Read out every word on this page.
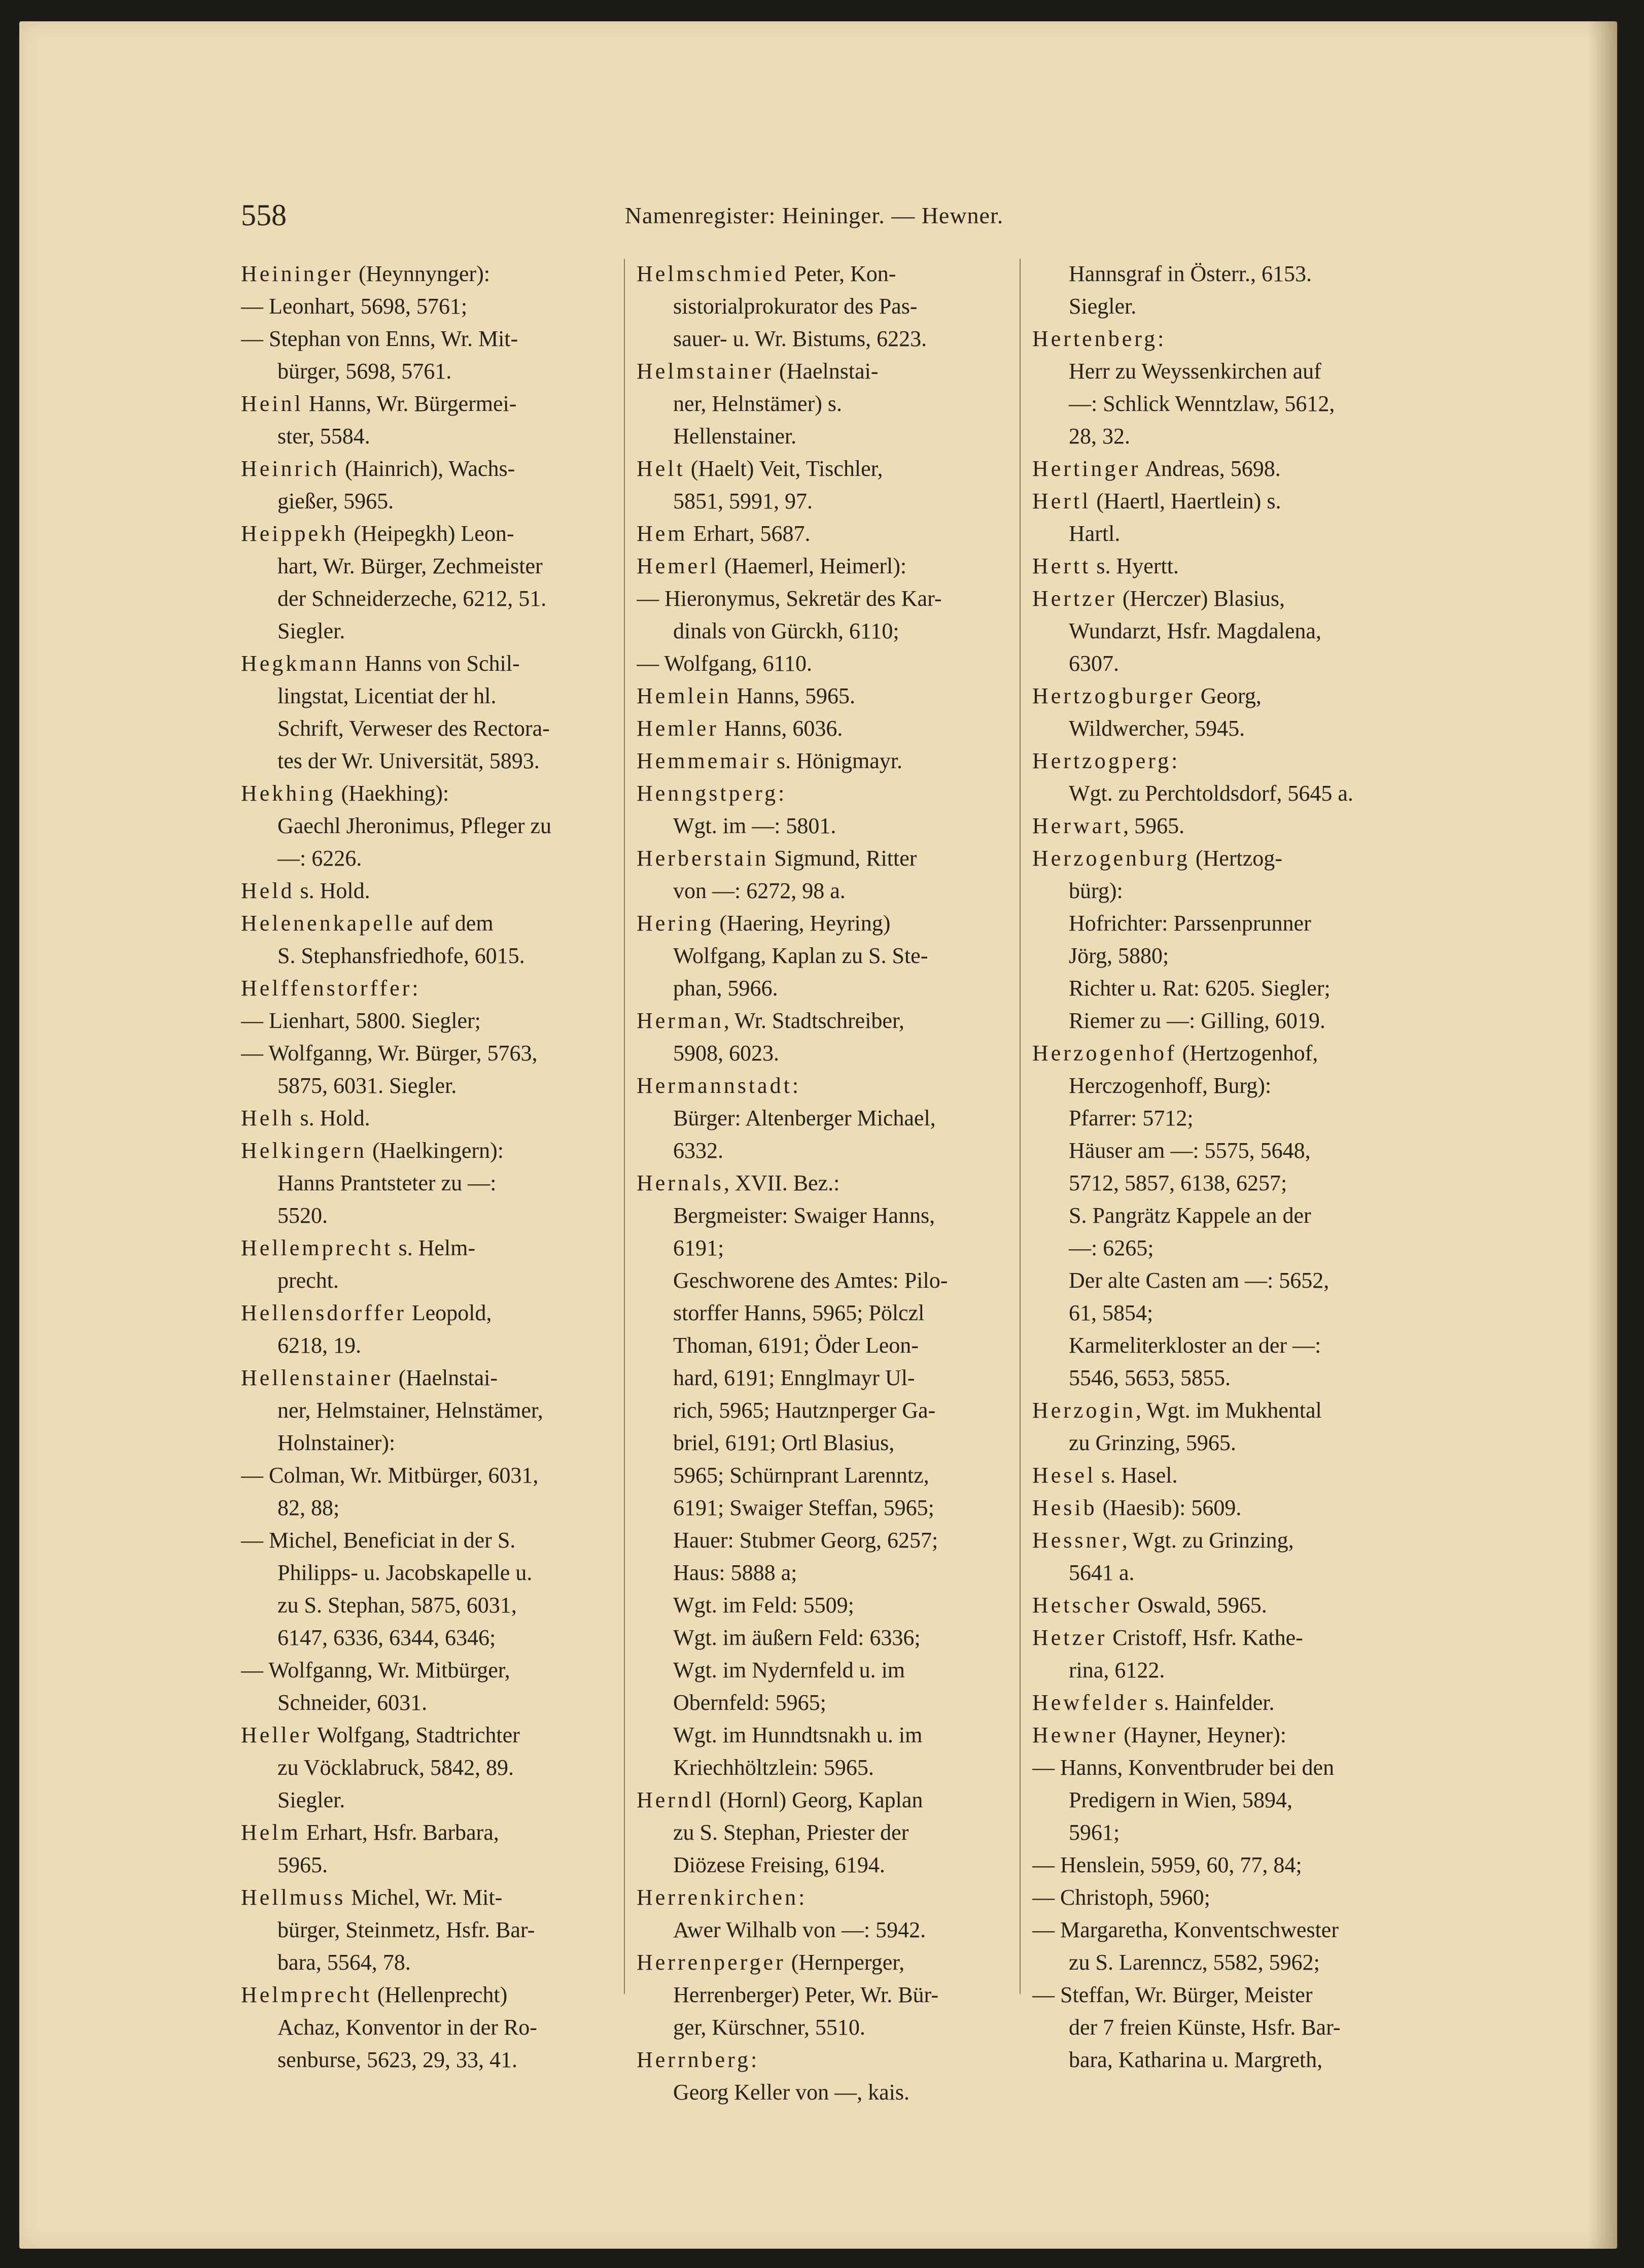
558	Namenregister: Heininger. — Hewner.
Heininger (Heynnynger):
— Leonhart, 5698, 5761;
— Stephan von Enns, Wr. Mit-
bürger, 5698, 5761.
Heinl Hanns, Wr. Bürgermei-
ster, 5584.
Heinrich (Hainrich), Wachs-
gießer, 5965.
Heippekh (Heipegkh) Leon-
hart, Wr. Bürger, Zechmeister
der Schneiderzeche, 6212, 51.
Siegler.
Hegkmann Hanns von Schil-
lingstat, Licentiat der hl.
Schrift, Verweser des Rectora-
tes der Wr. Universität, 5893.
Hekhing (Haekhing):
Gaechl Jheronimus, Pfleger zu
—: 6226.
Held s. Hold.
Helenenkapelle auf dem
S. Stephansfriedhofe, 6015.
Helffenstorffer:
— Lienhart, 5800. Siegler;
— Wolfganng, Wr. Bürger, 5763,
5875, 6031. Siegler.
Helh s. Hold.
Helkingern (Haelkingern):
Hanns Prantsteter zu —:
5520.
Hellemprecht s. Helm-
precht.
Hellensdorffer Leopold,
6218, 19.
Hellenstainer (Haelnstai-
ner, Helmstainer, Helnstämer,
Holnstainer):
— Colman, Wr. Mitbürger, 6031,
82, 88;
— Michel, Beneficiat in der S.
Philipps- u. Jacobskapelle u.
zu S. Stephan, 5875, 6031,
6147, 6336, 6344, 6346;
— Wolfganng, Wr. Mitbürger,
Schneider, 6031.
Heller Wolfgang, Stadtrichter
zu Vöcklabruck, 5842, 89.
Siegler.
Helm Erhart, Hsfr. Barbara,
5965.
Hellmuss Michel, Wr. Mit-
bürger, Steinmetz, Hsfr. Bar-
bara, 5564, 78.
Helmprecht (Hellenprecht)
Achaz, Konventor in der Ro-
senburse, 5623, 29, 33, 41.
Helmschmied Peter, Kon-
sistorialprokurator des Pas-
sauer- u. Wr. Bistums, 6223.
Helmstainer (Haelnstai-
ner, Helnstämer) s.
Hellenstainer.
Helt (Haelt) Veit, Tischler,
5851, 5991, 97.
Hem Erhart, 5687.
Hemerl (Haemerl, Heimerl):
— Hieronymus, Sekretär des Kar-
dinals von Gürckh, 6110;
— Wolfgang, 6110.
Hemlein Hanns, 5965.
Hemler Hanns, 6036.
Hemmemair s. Hönigmayr.
Henngstperg:
Wgt. im —: 5801.
Herberstain Sigmund, Ritter
von —: 6272, 98 a.
Hering (Haering, Heyring)
Wolfgang, Kaplan zu S. Ste-
phan, 5966.
Herman, Wr. Stadtschreiber,
5908, 6023.
Hermannstadt:
Bürger: Altenberger Michael,
6332.
Hernals, XVII. Bez.:
Bergmeister: Swaiger Hanns,
6191;
Geschworene des Amtes: Pilo-
storffer Hanns, 5965; Pölczl
Thoman, 6191; Öder Leon-
hard, 6191; Ennglmayr Ul-
rich, 5965; Hautznperger Ga-
briel, 6191; Ortl Blasius,
5965; Schürnprant Larenntz,
6191; Swaiger Steffan, 5965;
Hauer: Stubmer Georg, 6257;
Haus: 5888 a;
Wgt. im Feld: 5509;
Wgt. im äußern Feld: 6336;
Wgt. im Nydernfeld u. im
Obernfeld: 5965;
Wgt. im Hunndtsnakh u. im
Kriechhöltzlein: 5965.
Herndl (Hornl) Georg, Kaplan
zu S. Stephan, Priester der
Diözese Freising, 6194.
Herrenkirchen:
Awer Wilhalb von —: 5942.
Herrenperger (Hernperger,
Herrenberger) Peter, Wr. Bür-
ger, Kürschner, 5510.
Herrnberg:
Georg Keller von —, kais.
Hannsgraf in Österr., 6153.
Siegler.
Hertenberg:
Herr zu Weyssenkirchen auf
—: Schlick Wenntzlaw, 5612,
28, 32.
Hertinger Andreas, 5698.
Hertl (Haertl, Haertlein) s.
Hartl.
Hertt s. Hyertt.
Hertzer (Herczer) Blasius,
Wundarzt, Hsfr. Magdalena,
6307.
Hertzogburger Georg,
Wildwercher, 5945.
Hertzogperg:
Wgt. zu Perchtoldsdorf, 5645 a.
Herwart, 5965.
Herzogenburg (Hertzog-
bürg):
Hofrichter: Parssenprunner
Jörg, 5880;
Richter u. Rat: 6205. Siegler;
Riemer zu —: Gilling, 6019.
Herzogenhof (Hertzogenhof,
Herczogenhoff, Burg):
Pfarrer: 5712;
Häuser am —: 5575, 5648,
5712, 5857, 6138, 6257;
S. Pangrätz Kappele an der
—: 6265;
Der alte Casten am —: 5652,
61, 5854;
Karmeliterkloster an der —:
5546, 5653, 5855.
Herzogin, Wgt. im Mukhental
zu Grinzing, 5965.
Hesel s. Hasel.
Hesib (Haesib): 5609.
Hessner, Wgt. zu Grinzing,
5641 a.
Hetscher Oswald, 5965.
Hetzer Cristoff, Hsfr. Kathe-
rina, 6122.
Hewfelder s. Hainfelder.
Hewner (Hayner, Heyner):
— Hanns, Konventbruder bei den
Predigern in Wien, 5894,
5961;
— Henslein, 5959, 60, 77, 84;
— Christoph, 5960;
— Margaretha, Konventschwester
zu S. Larenncz, 5582, 5962;
— Steffan, Wr. Bürger, Meister
der 7 freien Künste, Hsfr. Bar-
bara, Katharina u. Margreth,
